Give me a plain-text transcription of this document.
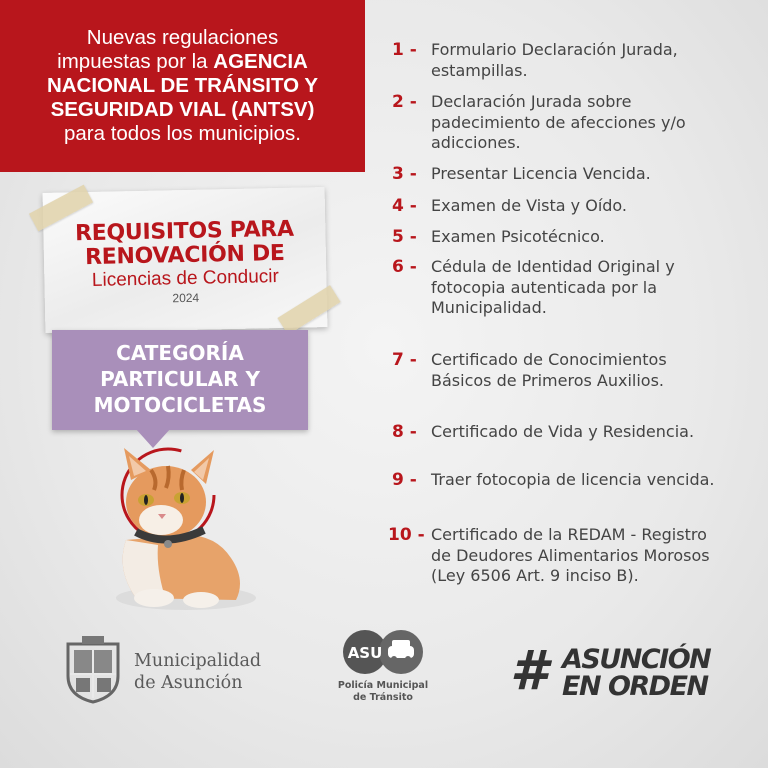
Nuevas regulaciones
impuestas por la AGENCIA
NACIONAL DE TRÁNSITO Y
SEGURIDAD VIAL (ANTSV)
para todos los municipios.
REQUISITOS PARA
RENOVACIÓN DE
Licencias de Conducir
2024
CATEGORÍA
PARTICULAR Y
MOTOCICLETAS
1 - Formulario Declaración Jurada, estampillas.
2 - Declaración Jurada sobre padecimiento de afecciones y/o adicciones.
3 - Presentar Licencia Vencida.
4 - Examen de Vista y Oído.
5 - Examen Psicotécnico.
6 - Cédula de Identidad Original y fotocopia autenticada por la Municipalidad.
7 - Certificado de Conocimientos Básicos de Primeros Auxilios.
8 - Certificado de Vida y Residencia.
9 - Traer fotocopia de licencia vencida.
10 - Certificado de la REDAM - Registro de Deudores Alimentarios Morosos (Ley 6506 Art. 9 inciso B).
Municipalidad
de Asunción
ASU
Policía Municipal
de Tránsito	# ASUNCIÓN
EN ORDEN
